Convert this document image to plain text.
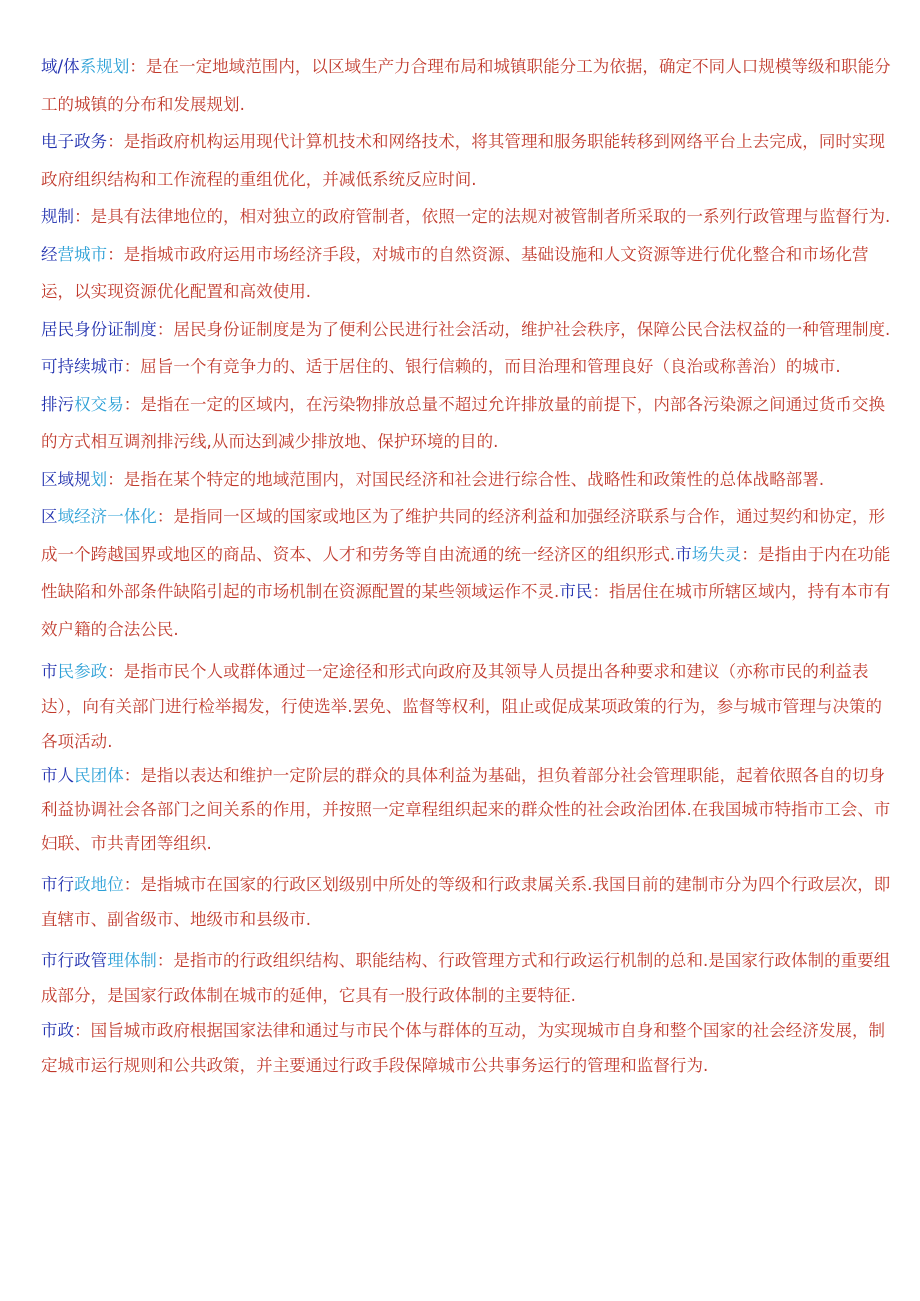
域/体系规划：是在一定地域范围内，以区域生产力合理布局和城镇职能分工为依据，确定不同人口规模等级和职能分工的城镇的分布和发展规划.

电子政务：是指政府机构运用现代计算机技术和网络技术，将其管理和服务职能转移到网络平台上去完成，同时实现政府组织结构和工作流程的重组优化，并减低系统反应时间.

规制：是具有法律地位的，相对独立的政府管制者，依照一定的法规对被管制者所采取的一系列行政管理与监督行为.

经营城市：是指城市政府运用市场经济手段，对城市的自然资源、基础设施和人文资源等进行优化整合和市场化营运，以实现资源优化配置和高效使用.

居民身份证制度：居民身份证制度是为了便利公民进行社会活动，维护社会秩序，保障公民合法权益的一种管理制度.

可持续城市：屈旨一个有竞争力的、适于居住的、银行信赖的，而目治理和管理良好（良治或称善治）的城市.

排污权交易：是指在一定的区域内，在污染物排放总量不超过允许排放量的前提下，内部各污染源之间通过货币交换的方式相互调剂排污线,从而达到减少排放地、保护环境的目的.

区域规划：是指在某个特定的地域范围内，对国民经济和社会进行综合性、战略性和政策性的总体战略部署.

区域经济一体化：是指同一区域的国家或地区为了维护共同的经济利益和加强经济联系与合作，通过契约和协定，形成一个跨越国界或地区的商品、资本、人才和劳务等自由流通的统一经济区的组织形式.市场失灵：是指由于内在功能性缺陷和外部条件缺陷引起的市场机制在资源配置的某些领域运作不灵.市民：指居住在城市所辖区域内，持有本市有效户籍的合法公民.

市民参政：是指市民个人或群体通过一定途径和形式向政府及其领导人员提出各种要求和建议（亦称市民的利益表达），向有关部门进行检举揭发，行使选举.罢免、监督等权利，阻止或促成某项政策的行为，参与城市管理与决策的各项活动.

市人民团体：是指以表达和维护一定阶层的群众的具体利益为基础，担负着部分社会管理职能，起着依照各自的切身利益协调社会各部门之间关系的作用，并按照一定章程组织起来的群众性的社会政治团体.在我国城市特指市工会、市妇联、市共青团等组织.

市行政地位：是指城市在国家的行政区划级别中所处的等级和行政隶属关系.我国目前的建制市分为四个行政层次，即直辖市、副省级市、地级市和县级市.

市行政管理体制：是指市的行政组织结构、职能结构、行政管理方式和行政运行机制的总和.是国家行政体制的重要组成部分，是国家行政体制在城市的延伸，它具有一股行政体制的主要特征.

市政：国旨城市政府根据国家法律和通过与市民个体与群体的互动，为实现城市自身和整个国家的社会经济发展，制定城市运行规则和公共政策，并主要通过行政手段保障城市公共事务运行的管理和监督行为.
